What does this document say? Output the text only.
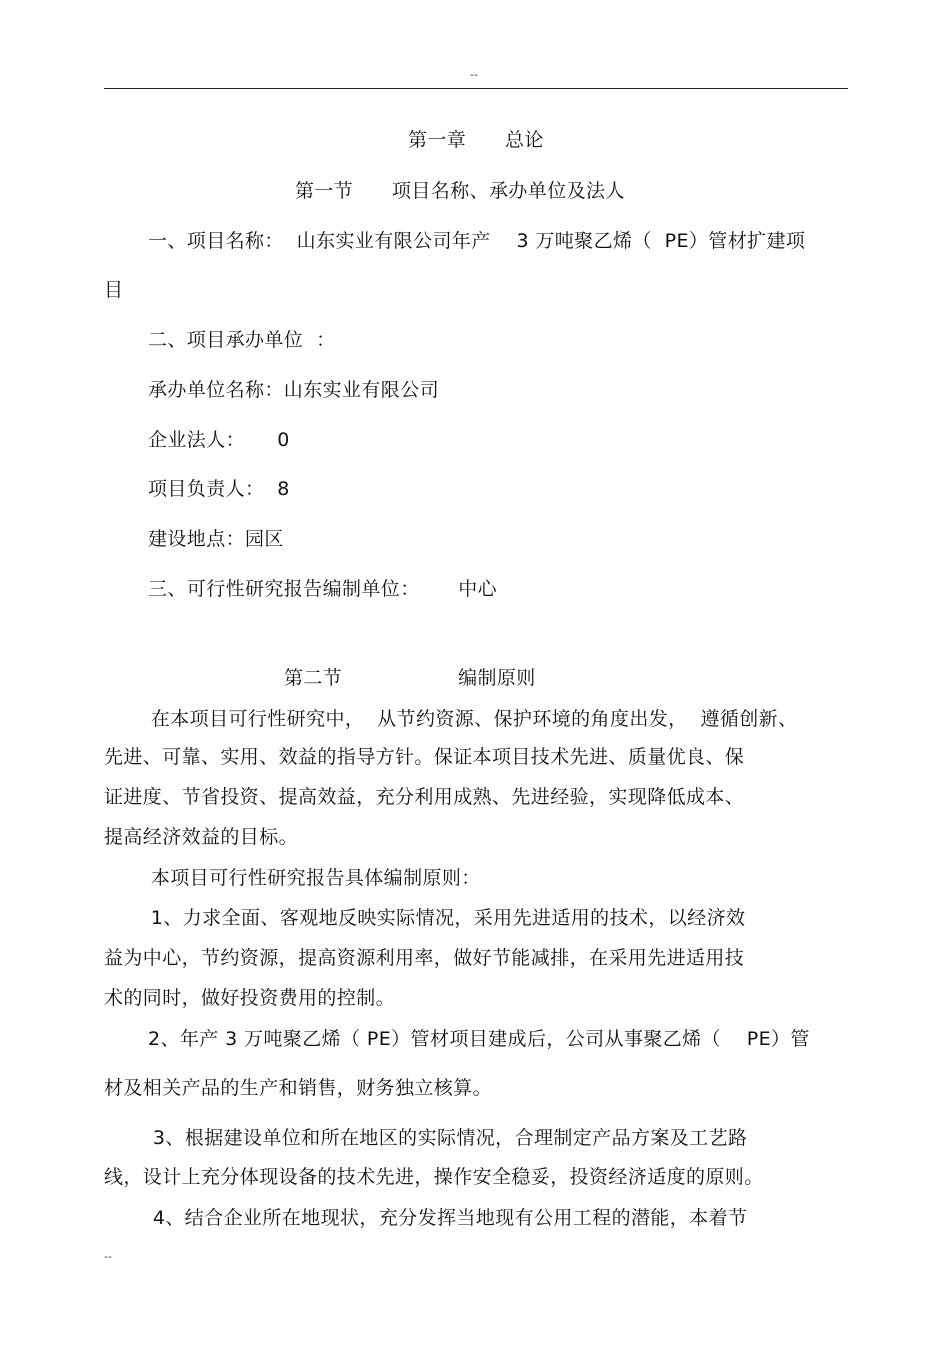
--
第一章　　总论
第一节　　项目名称、承办单位及法人
一、项目名称：  山东实业有限公司年产    3 万吨聚乙烯（  PE）管材扩建项
目
二、项目承办单位  ：
承办单位名称：山东实业有限公司
企业法人：     0
项目负责人：  8
建设地点：园区
三、可行性研究报告编制单位：      中心
第二节                  编制原则
在本项目可行性研究中，  从节约资源、保护环境的角度出发，  遵循创新、
先进、可靠、实用、效益的指导方针。保证本项目技术先进、质量优良、保
证进度、节省投资、提高效益，充分利用成熟、先进经验，实现降低成本、
提高经济效益的目标。
本项目可行性研究报告具体编制原则：
1、力求全面、客观地反映实际情况，采用先进适用的技术，以经济效
益为中心，节约资源，提高资源利用率，做好节能减排，在采用先进适用技
术的同时，做好投资费用的控制。
2、年产 3 万吨聚乙烯（ PE）管材项目建成后，公司从事聚乙烯（    PE）管
材及相关产品的生产和销售，财务独立核算。
3、根据建设单位和所在地区的实际情况，合理制定产品方案及工艺路
线，设计上充分体现设备的技术先进，操作安全稳妥，投资经济适度的原则。
4、结合企业所在地现状，充分发挥当地现有公用工程的潜能，本着节
--
